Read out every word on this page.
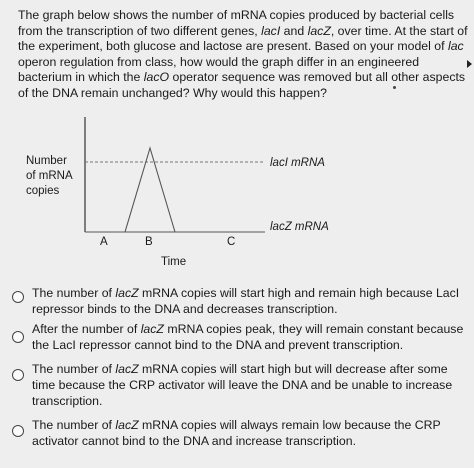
The graph below shows the number of mRNA copies produced by bacterial cells from the transcription of two different genes, lacI and lacZ, over time. At the start of the experiment, both glucose and lactose are present. Based on your model of lac operon regulation from class, how would the graph differ in an engineered bacterium in which the lacO operator sequence was removed but all other aspects of the DNA remain unchanged? Why would this happen?
Number
of mRNA
copies
lacI mRNA
lacZ mRNA
A	B	C
Time
The number of lacZ mRNA copies will start high and remain high because LacI repressor binds to the DNA and decreases transcription.
After the number of lacZ mRNA copies peak, they will remain constant because the LacI repressor cannot bind to the DNA and prevent transcription.
The number of lacZ mRNA copies will start high but will decrease after some time because the CRP activator will leave the DNA and be unable to increase transcription.
The number of lacZ mRNA copies will always remain low because the CRP activator cannot bind to the DNA and increase transcription.
